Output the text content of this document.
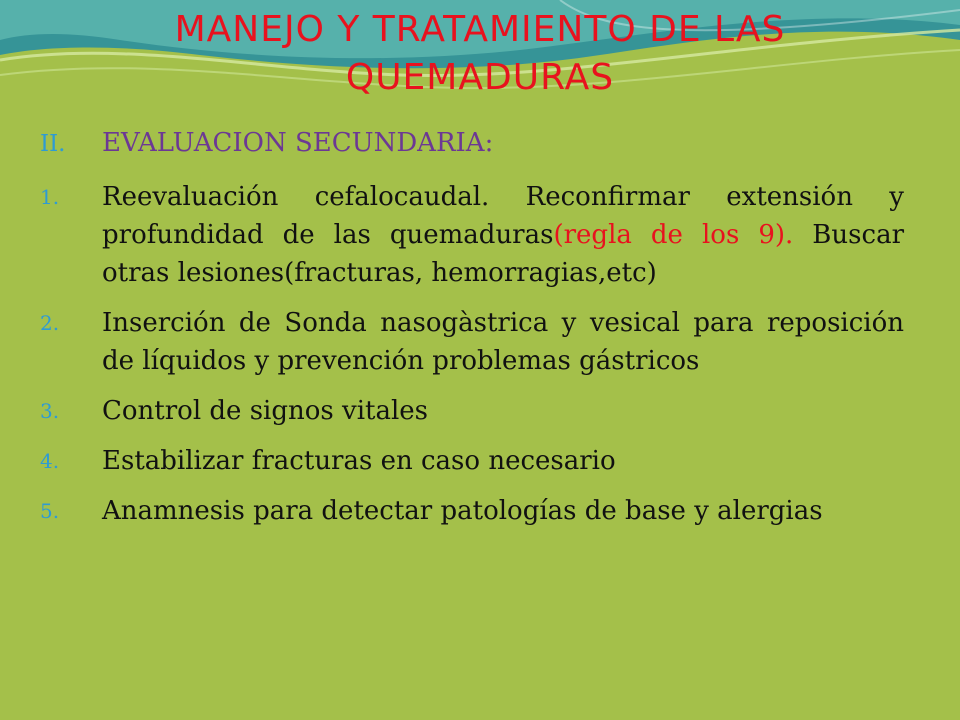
MANEJO Y TRATAMIENTO DE LAS QUEMADURAS
II. EVALUACION SECUNDARIA:
1.	Reevaluación cefalocaudal. Reconfirmar extensión y profundidad de las quemaduras(regla de los 9). Buscar otras lesiones(fracturas, hemorragias,etc)
2.	Inserción de Sonda nasogàstrica y vesical para reposición de líquidos y prevención problemas gástricos
3.	Control de signos vitales
4.	Estabilizar fracturas en caso necesario
5.	Anamnesis para detectar patologías de base y alergias
